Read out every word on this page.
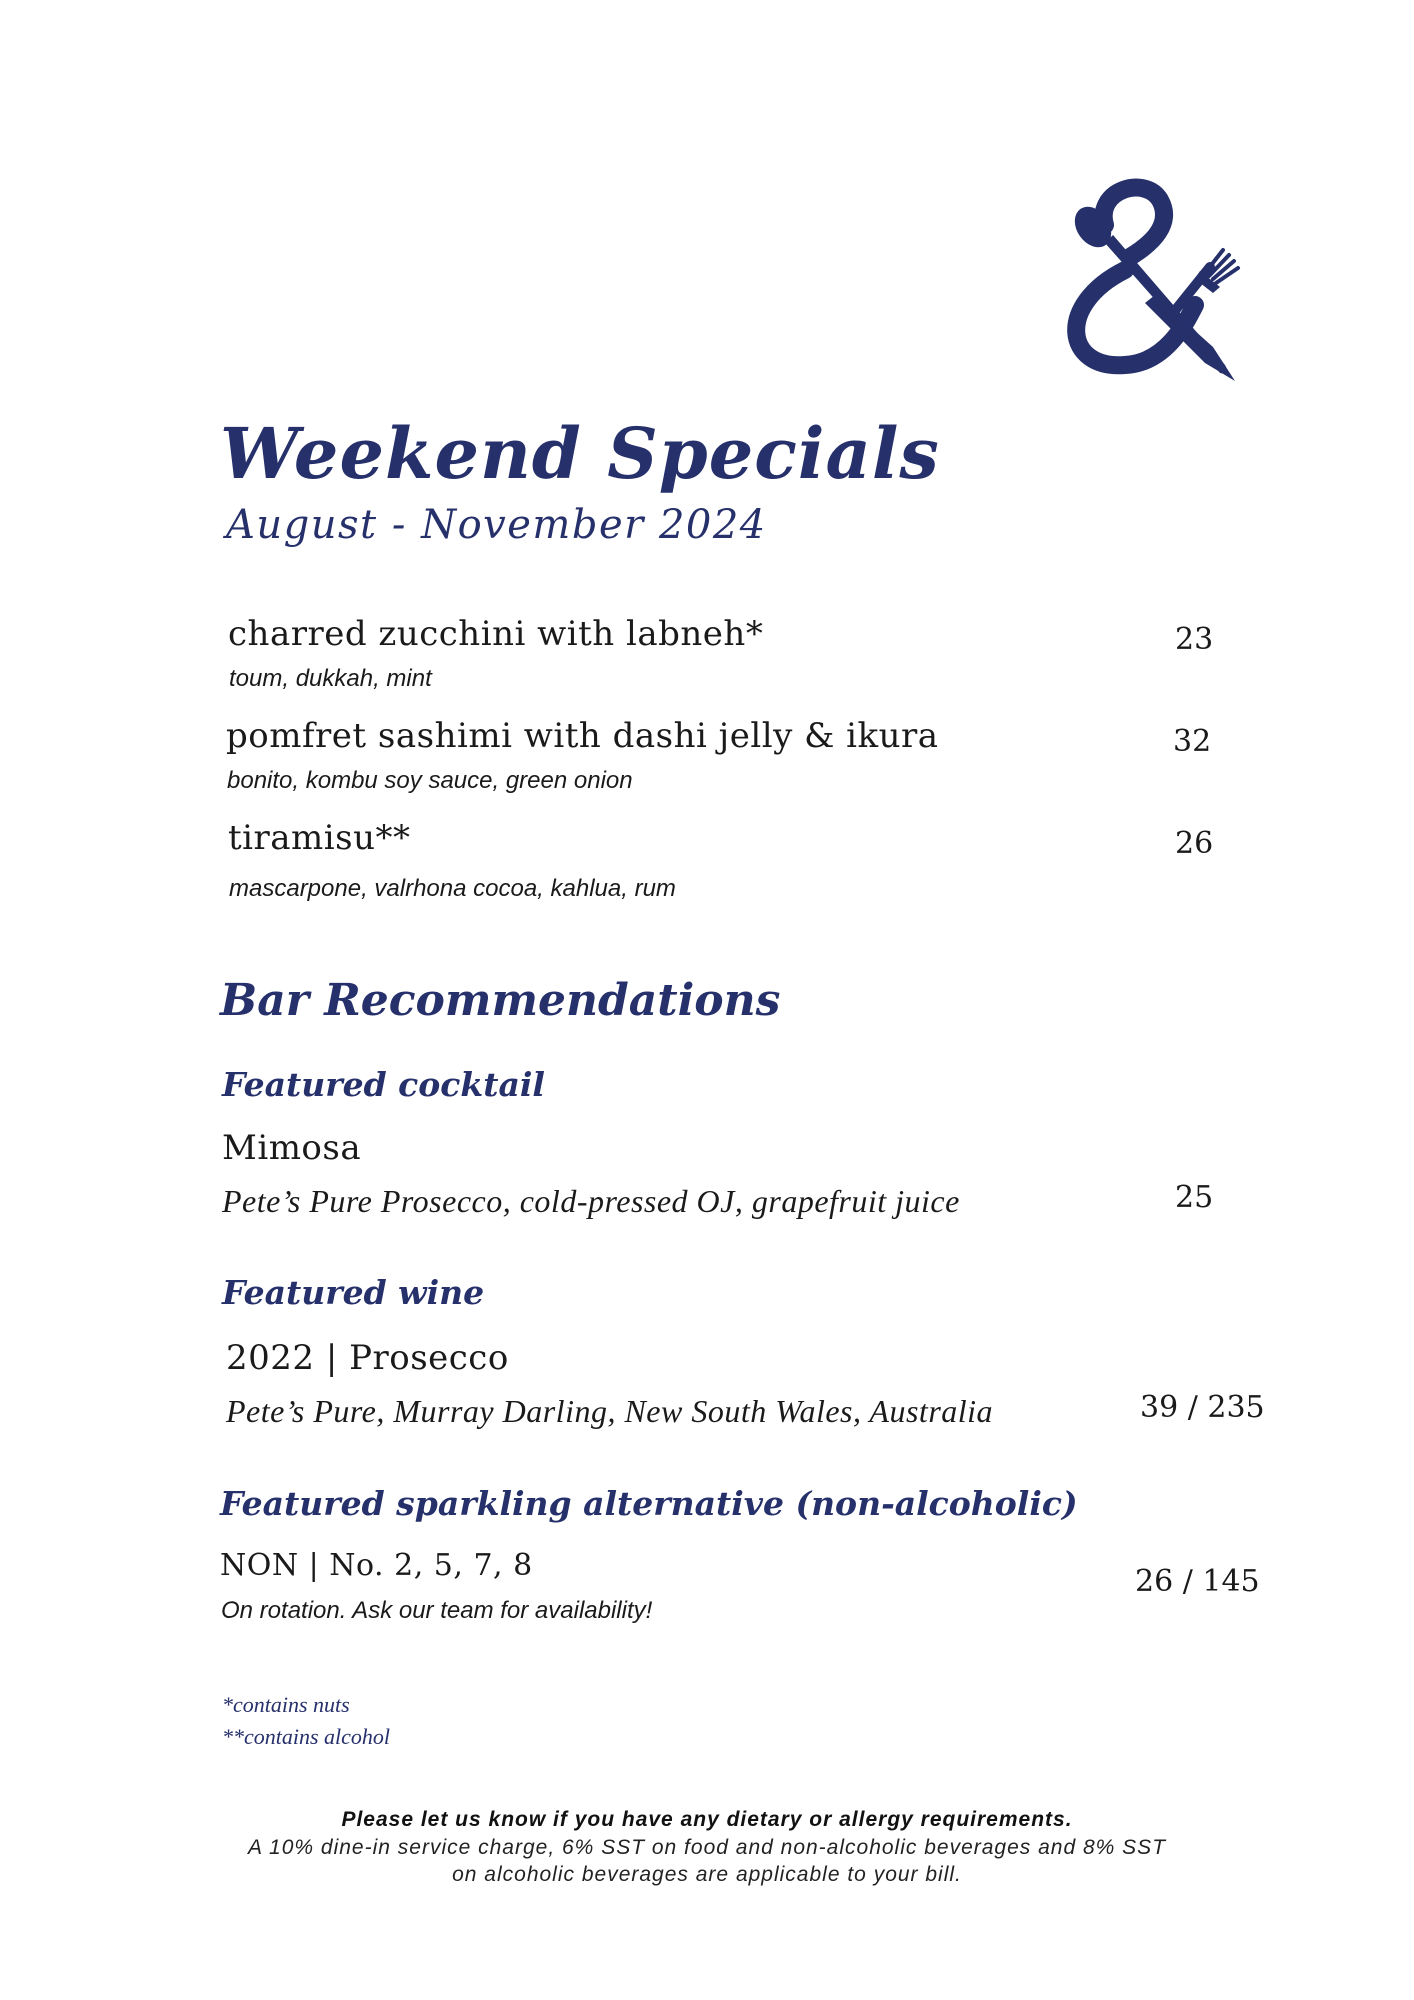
Weekend Specials
August - November 2024
charred zucchini with labneh*
toum, dukkah, mint
23
pomfret sashimi with dashi jelly & ikura
bonito, kombu soy sauce, green onion
32
tiramisu**
mascarpone, valrhona cocoa, kahlua, rum
26
Bar Recommendations
Featured cocktail
Mimosa
Pete’s Pure Prosecco, cold-pressed OJ, grapefruit juice	25
Featured wine
2022 | Prosecco
Pete’s Pure, Murray Darling, New South Wales, Australia	39 / 235
Featured sparkling alternative (non-alcoholic)
NON | No. 2, 5, 7, 8
On rotation. Ask our team for availability!
26 / 145
*contains nuts
**contains alcohol
Please let us know if you have any dietary or allergy requirements.
A 10% dine-in service charge, 6% SST on food and non-alcoholic beverages and 8% SST
on alcoholic beverages are applicable to your bill.
